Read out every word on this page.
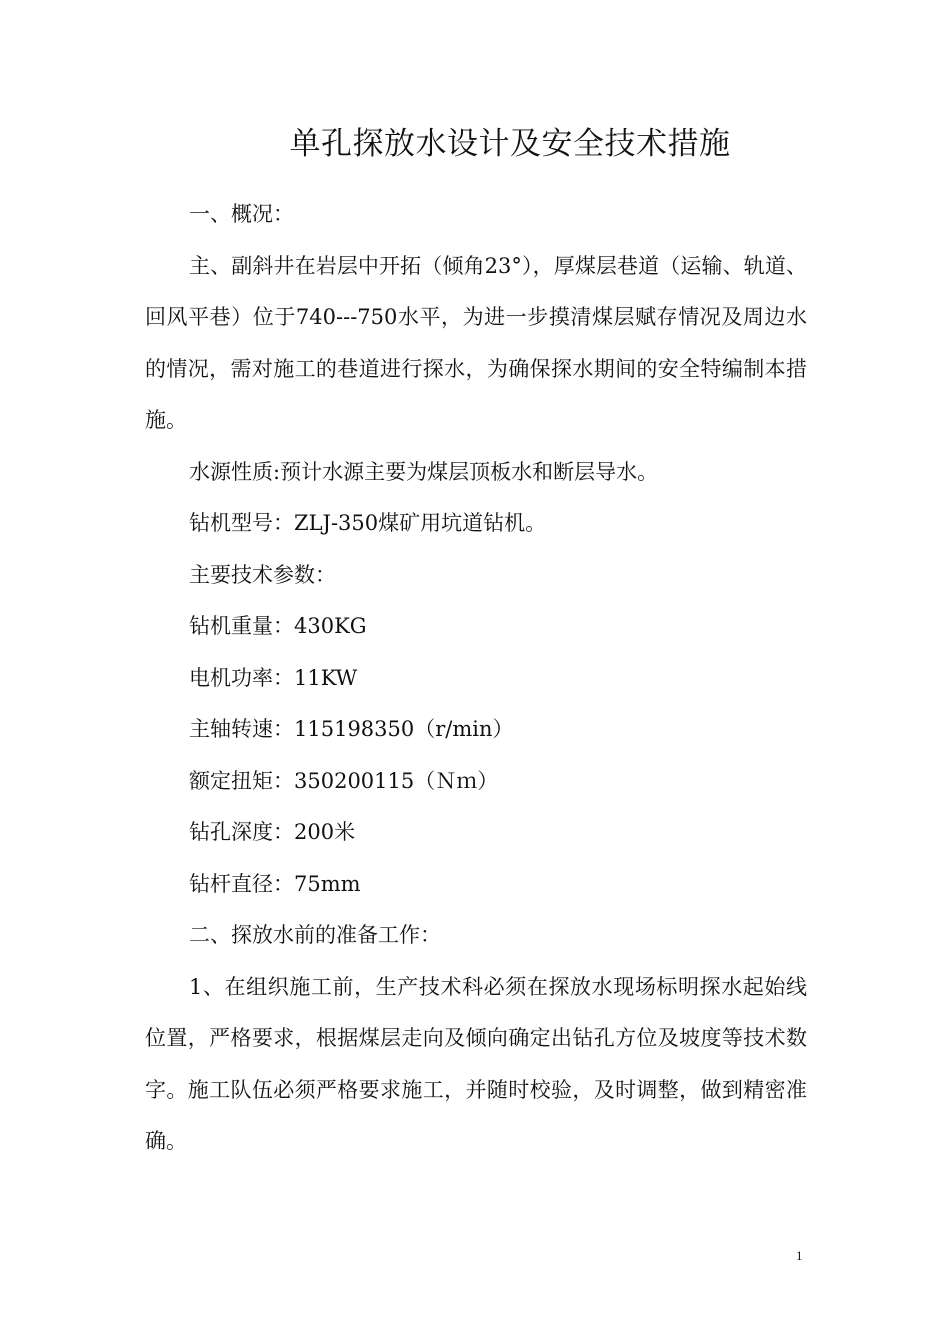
单孔探放水设计及安全技术措施

一、概况：

主、副斜井在岩层中开拓（倾角23°），厚煤层巷道（运输、轨道、回风平巷）位于740---750水平，为进一步摸清煤层赋存情况及周边水的情况，需对施工的巷道进行探水，为确保探水期间的安全特编制本措施。

水源性质:预计水源主要为煤层顶板水和断层导水。

钻机型号：ZLJ-350煤矿用坑道钻机。

主要技术参数：

钻机重量：430KG

电机功率：11KW

主轴转速：115198350（r/min）

额定扭矩：350200115（Ｎｍ）

钻孔深度：200米

钻杆直径：75mm

二、探放水前的准备工作：

1、在组织施工前，生产技术科必须在探放水现场标明探水起始线位置，严格要求，根据煤层走向及倾向确定出钻孔方位及坡度等技术数字。施工队伍必须严格要求施工，并随时校验，及时调整，做到精密准确。

1
